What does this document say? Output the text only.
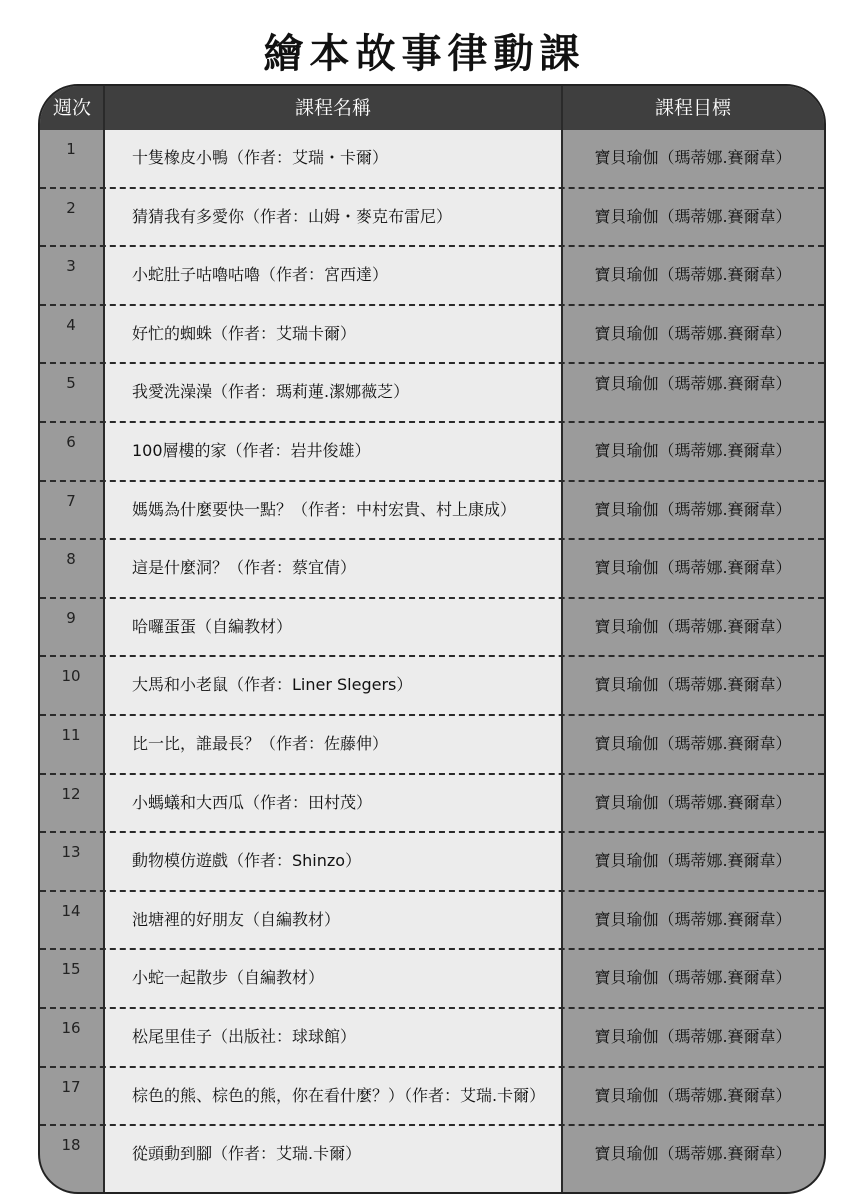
繪本故事律動課
週次	課程名稱	課程目標
1	十隻橡皮小鴨（作者：艾瑞・卡爾）	寶貝瑜伽（瑪蒂娜.賽爾韋）
2	猜猜我有多愛你（作者：山姆・麥克布雷尼）	寶貝瑜伽（瑪蒂娜.賽爾韋）
3	小蛇肚子咕嚕咕嚕（作者：宮西達）	寶貝瑜伽（瑪蒂娜.賽爾韋）
4	好忙的蜘蛛（作者：艾瑞卡爾）	寶貝瑜伽（瑪蒂娜.賽爾韋）
5	我愛洗澡澡（作者：瑪莉蓮.潔娜薇芝）	寶貝瑜伽（瑪蒂娜.賽爾韋）
6	100層樓的家（作者：岩井俊雄）	寶貝瑜伽（瑪蒂娜.賽爾韋）
7	媽媽為什麼要快一點？（作者：中村宏貴、村上康成）	寶貝瑜伽（瑪蒂娜.賽爾韋）
8	這是什麼洞？（作者：蔡宜倩）	寶貝瑜伽（瑪蒂娜.賽爾韋）
9	哈囉蛋蛋（自編教材）	寶貝瑜伽（瑪蒂娜.賽爾韋）
10	大馬和小老鼠（作者：Liner Slegers）	寶貝瑜伽（瑪蒂娜.賽爾韋）
11	比一比，誰最長？（作者：佐藤伸）	寶貝瑜伽（瑪蒂娜.賽爾韋）
12	小螞蟻和大西瓜（作者：田村茂）	寶貝瑜伽（瑪蒂娜.賽爾韋）
13	動物模仿遊戲（作者：Shinzo）	寶貝瑜伽（瑪蒂娜.賽爾韋）
14	池塘裡的好朋友（自編教材）	寶貝瑜伽（瑪蒂娜.賽爾韋）
15	小蛇一起散步（自編教材）	寶貝瑜伽（瑪蒂娜.賽爾韋）
16	松尾里佳子（出版社：球球館）	寶貝瑜伽（瑪蒂娜.賽爾韋）
17	棕色的熊、棕色的熊，你在看什麼？）（作者：艾瑞.卡爾）	寶貝瑜伽（瑪蒂娜.賽爾韋）
18	從頭動到腳（作者：艾瑞.卡爾）	寶貝瑜伽（瑪蒂娜.賽爾韋）
